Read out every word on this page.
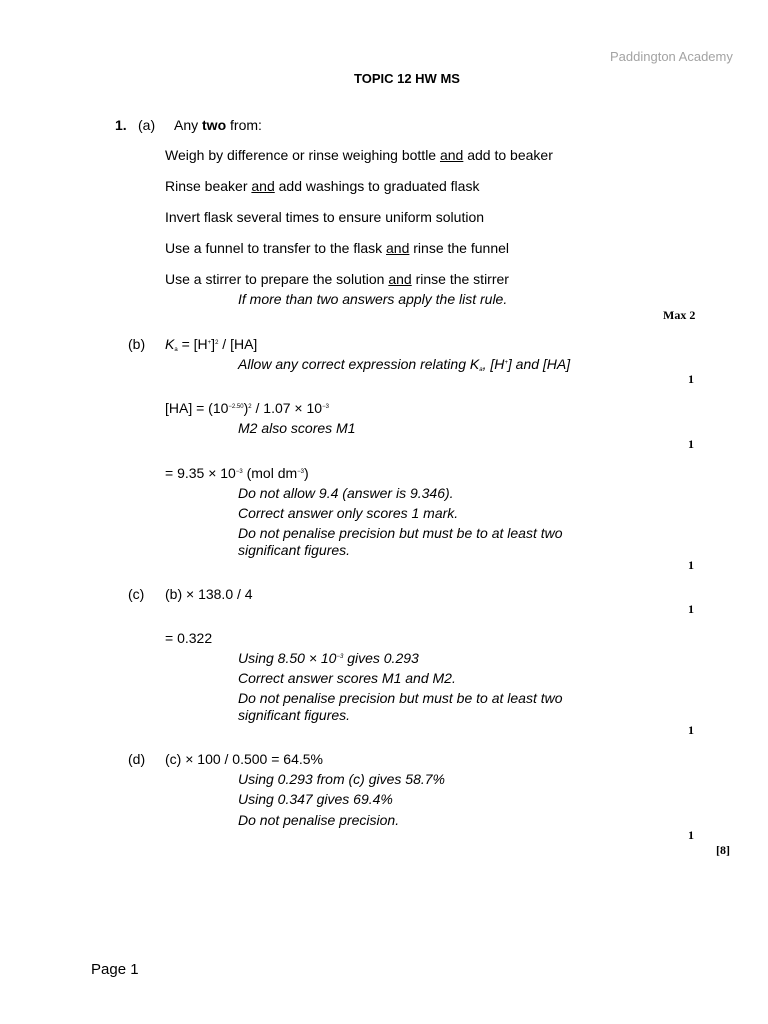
Paddington Academy
TOPIC 12 HW MS
1. (a) Any two from:
Weigh by difference or rinse weighing bottle and add to beaker
Rinse beaker and add washings to graduated flask
Invert flask several times to ensure uniform solution
Use a funnel to transfer to the flask and rinse the funnel
Use a stirrer to prepare the solution and rinse the stirrer
If more than two answers apply the list rule.
Max 2
(b) $K_a = [H^+]^2 / [HA]$
Allow any correct expression relating $K_a$, [H+] and [HA]
1
$[HA] = (10^{-2.50})^2 / 1.07 \times 10^{-3}$
M2 also scores M1
1
= $9.35 \times 10^{-3}$ (mol $dm^{-3}$)
Do not allow 9.4 (answer is 9.346).
Correct answer only scores 1 mark.
Do not penalise precision but must be to at least two
significant figures.
1
(c) (b) × 138.0 / 4
1
= 0.322
Using $8.50 \times 10^{-3}$ gives 0.293
Correct answer scores M1 and M2.
Do not penalise precision but must be to at least two
significant figures.
1
(d) (c) × 100 / 0.500 = 64.5%
Using 0.293 from (c) gives 58.7%
Using 0.347 gives 69.4%
Do not penalise precision.
1
[8]
Page 1
